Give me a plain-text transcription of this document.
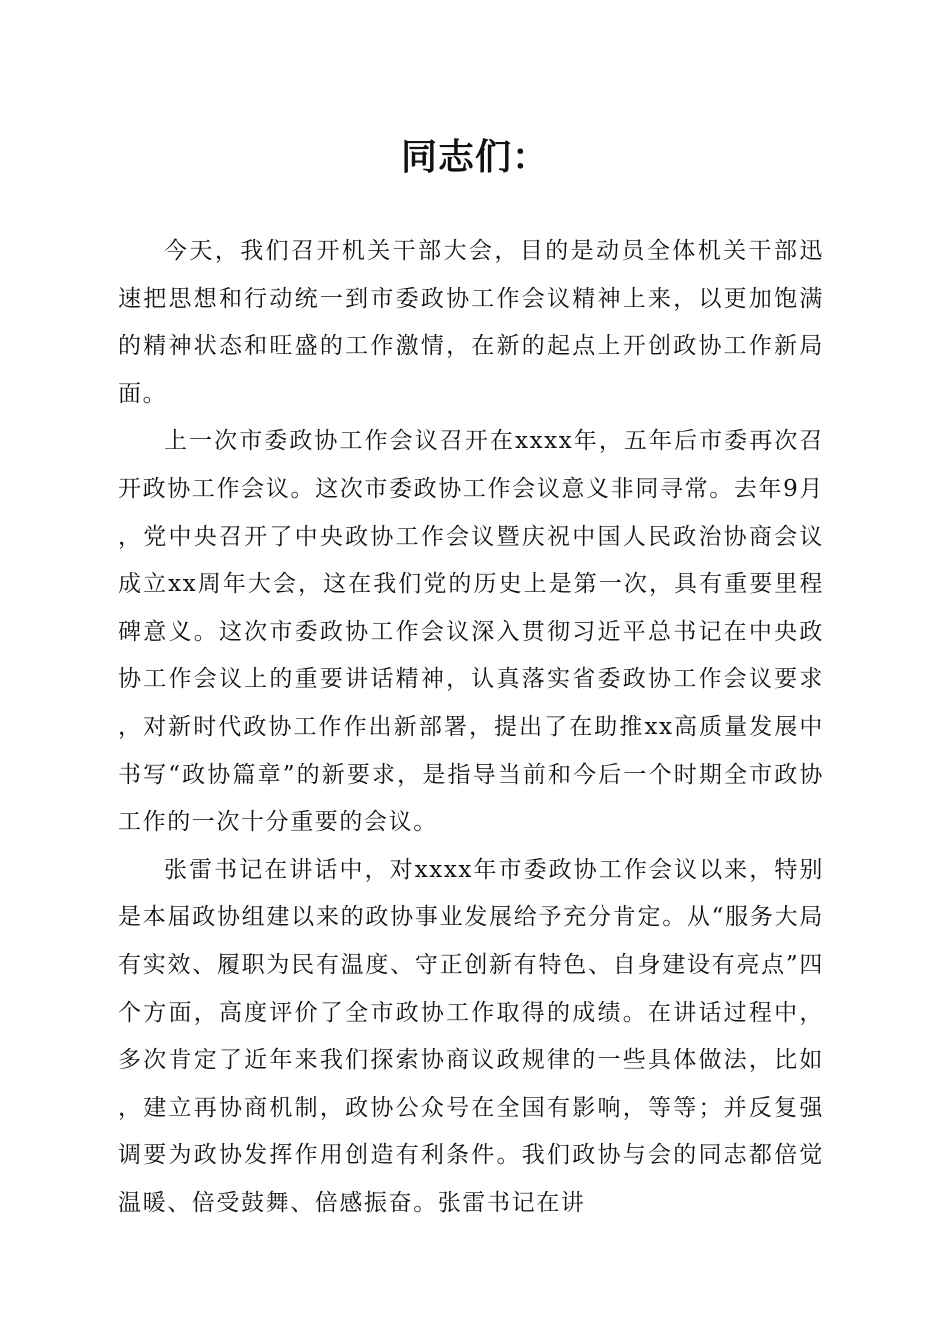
同志们：

今天，我们召开机关干部大会，目的是动员全体机关干部迅速把思想和行动统一到市委政协工作会议精神上来，以更加饱满的精神状态和旺盛的工作激情，在新的起点上开创政协工作新局面。

上一次市委政协工作会议召开在xxxx年，五年后市委再次召开政协工作会议。这次市委政协工作会议意义非同寻常。去年9月，党中央召开了中央政协工作会议暨庆祝中国人民政治协商会议成立xx周年大会，这在我们党的历史上是第一次，具有重要里程碑意义。这次市委政协工作会议深入贯彻习近平总书记在中央政协工作会议上的重要讲话精神，认真落实省委政协工作会议要求，对新时代政协工作作出新部署，提出了在助推xx高质量发展中书写“政协篇章”的新要求，是指导当前和今后一个时期全市政协工作的一次十分重要的会议。

张雷书记在讲话中，对xxxx年市委政协工作会议以来，特别是本届政协组建以来的政协事业发展给予充分肯定。从“服务大局有实效、履职为民有温度、守正创新有特色、自身建设有亮点”四个方面，高度评价了全市政协工作取得的成绩。在讲话过程中，多次肯定了近年来我们探索协商议政规律的一些具体做法，比如，建立再协商机制，政协公众号在全国有影响，等等；并反复强调要为政协发挥作用创造有利条件。我们政协与会的同志都倍觉温暖、倍受鼓舞、倍感振奋。张雷书记在讲
